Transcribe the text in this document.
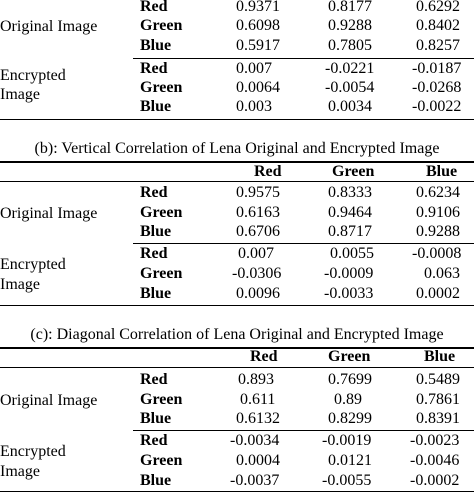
Original Image
Red	0.9371	0.8177	0.6292
Green	0.6098	0.9288	0.8402
Blue	0.5917	0.7805	0.8257
Encrypted
Image
Red	0.007	-0.0221 -0.0187
Green	0.0064	-0.0054 -0.0268
Blue	0.003	0.0034	-0.0022
(b): Vertical Correlation of Lena Original and Encrypted Image
Red	Green	Blue
Original Image
Red	0.9575	0.8333	0.6234
Green	0.6163	0.9464	0.9106
Blue	0.6706	0.8717	0.9288
Encrypted
Image
Red	0.007	0.0055 -0.0008
Green	-0.0306	-0.0009	0.063
Blue	0.0096	-0.0033	0.0002
(c): Diagonal Correlation of Lena Original and Encrypted Image
Red	Green	Blue
Original Image
Red	0.893	0.7699	0.5489
Green	0.611	0.89	0.7861
Blue	0.6132	0.8299	0.8391
Encrypted
Image
Red	-0.0034	-0.0019 -0.0023
Green	0.0004	0.0121 -0.0046
Blue	-0.0037	-0.0055 -0.0002
